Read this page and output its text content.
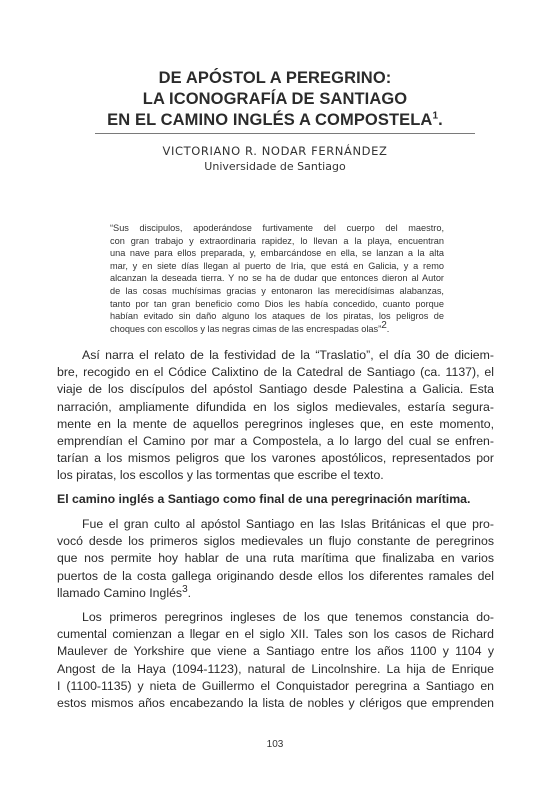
DE APÓSTOL A PEREGRINO:
LA ICONOGRAFÍA DE SANTIAGO
EN EL CAMINO INGLÉS A COMPOSTELA$^1$.
VICTORIANO R. NODAR FERNÁNDEZ
Universidade de Santiago
“Sus discipulos, apoderándose furtivamente del cuerpo del maestro,
con gran trabajo y extraordinaria rapidez, lo llevan a la playa, encuentran
una nave para ellos preparada, y, embarcándose en ella, se lanzan a la alta
mar, y en siete días llegan al puerto de Iria, que está en Galicia, y a remo
alcanzan la deseada tierra. Y no se ha de dudar que entonces dieron al Autor
de las cosas muchísimas gracias y entonaron las merecidísimas alabanzas,
tanto por tan gran beneficio como Dios les había concedido, cuanto porque
habían evitado sin daño alguno los ataques de los piratas, los peligros de
choques con escollos y las negras cimas de las encrespadas olas”2.
Así narra el relato de la festividad de la “Traslatio”, el día 30 de diciem-
bre, recogido en el Códice Calixtino de la Catedral de Santiago (ca. 1137), el
viaje de los discípulos del apóstol Santiago desde Palestina a Galicia. Esta
narración, ampliamente difundida en los siglos medievales, estaría segura-
mente en la mente de aquellos peregrinos ingleses que, en este momento,
emprendían el Camino por mar a Compostela, a lo largo del cual se enfren-
tarían a los mismos peligros que los varones apostólicos, representados por
los piratas, los escollos y las tormentas que escribe el texto.
El camino inglés a Santiago como final de una peregrinación marítima.
Fue el gran culto al apóstol Santiago en las Islas Británicas el que pro-
vocó desde los primeros siglos medievales un flujo constante de peregrinos
que nos permite hoy hablar de una ruta marítima que finalizaba en varios
puertos de la costa gallega originando desde ellos los diferentes ramales del
llamado Camino Inglés$^3$.
Los primeros peregrinos ingleses de los que tenemos constancia do-
cumental comienzan a llegar en el siglo XII. Tales son los casos de Richard
Maulever de Yorkshire que viene a Santiago entre los años 1100 y 1104 y
Angost de la Haya (1094-1123), natural de Lincolnshire. La hija de Enrique
I (1100-1135) y nieta de Guillermo el Conquistador peregrina a Santiago en
estos mismos años encabezando la lista de nobles y clérigos que emprenden
103
